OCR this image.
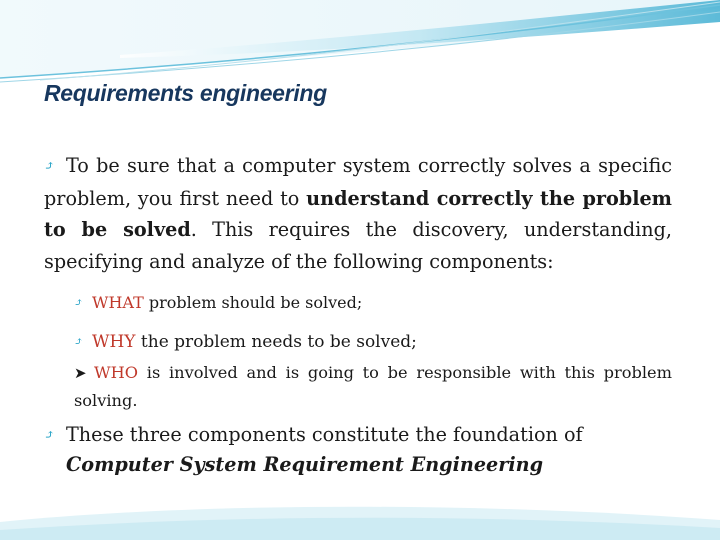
Requirements engineering
⤴ To be sure that a computer system correctly solves a specific problem, you first need to understand correctly the problem to be solved. This requires the discovery, understanding, specifying and analyze of the following components:
⤴ WHAT problem should be solved;
⤴ WHY the problem needs to be solved;
➤ WHO is involved and is going to be responsible with this problem solving.
⤴ These three components constitute the foundation of
Computer System Requirement Engineering
